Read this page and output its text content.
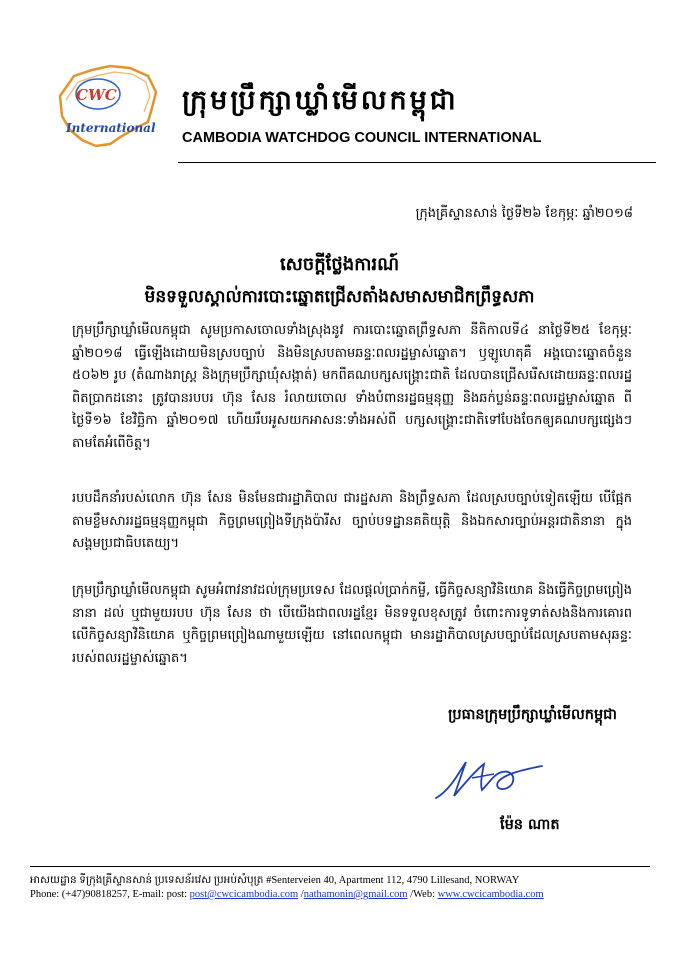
CWC
International
ក្រុមប្រឹក្សាឃ្លាំមើលកម្ពុជា
CAMBODIA WATCHDOG COUNCIL INTERNATIONAL
ក្រុងគ្រីស្ទានសាន់ ថ្ងៃទី២៦ ខែកុម្ភៈ ឆ្នាំ២០១៨
សេចក្ដីថ្លែងការណ៍
មិនទទួលស្គាល់ការបោះឆ្នោតជ្រើសតាំងសមាសមាជិកព្រឹទ្ធសភា
ក្រុមប្រឹក្សាឃ្លាំមើលកម្ពុជា សូមប្រកាសចោលទាំងស្រុងនូវ ការបោះឆ្នោតព្រឹទ្ធសភា នីតិកាលទី៤ នាថ្ងៃទី២៥ ខែកុម្ភៈ ឆ្នាំ២០១៨ ធ្វើឡើងដោយមិនស្របច្បាប់ និងមិនស្របតាមឆន្ទៈពលរដ្ឋម្ចាស់ឆ្នោត។ ឫឡូហេតុគឺ អង្គបោះឆ្នោតចំនួន ៥០៦២ រូប (តំណាងរាស្ត្រ និងក្រុមប្រឹក្សាឃុំសង្កាត់) មកពីគណបក្សសង្គ្រោះជាតិ ដែលបានជ្រើសរើសដោយឆន្ទៈពលរដ្ឋពិតប្រាកដនោះ ត្រូវបានរបបរ ហ៊ុន សែន រំលាយចោល ទាំងបំពានរដ្ឋធម្មនុញ្ញ និងឆក់ប្លន់ឆន្ទៈពលរដ្ឋម្ចាស់ឆ្នោត ពីថ្ងៃទី១៦ ខែវិច្ឆិកា ឆ្នាំ២០១៧ ហើយរឹបអូសយកអាសនៈទាំងអស់ពី បក្សសង្គ្រោះជាតិទៅបែងចែកឲ្យគណបក្សផ្សេងៗ តាមតែអំពើចិត្ត។
របបដឹកនាំរបស់លោក ហ៊ុន សែន មិនមែនជារដ្ឋាភិបាល ជារដ្ឋសភា និងព្រឹទ្ធសភា ដែលស្របច្បាប់ទៀតឡើយ បើផ្អែកតាមខ្លឹមសាររដ្ឋធម្មនុញ្ញកម្ពុជា កិច្ចព្រមព្រៀងទីក្រុងប៉ារីស ច្បាប់បទដ្ឋានគតិយុត្តិ និងឯកសារច្បាប់អន្តរជាតិនានា ក្នុងសង្គមប្រជាធិបតេយ្យ។
ក្រុមប្រឹក្សាឃ្លាំមើលកម្ពុជា សូមអំពាវនាវដល់ក្រុមប្រទេស ដែលផ្តល់ប្រាក់កម្ចី, ធ្វើកិច្ចសន្យាវិនិយោគ និងធ្វើកិច្ចព្រមព្រៀងនានា ដល់ ឬជាមួយរបប ហ៊ុន សែន ថា បើយើងជាពលរដ្ឋខ្មែរ មិនទទួលខុសត្រូវ ចំពោះការទូទាត់សងនិងការគោរពលើកិច្ចសន្យាវិនិយោគ ឬកិច្ចព្រមព្រៀងណាមួយឡើយ នៅពេលកម្ពុជា មានរដ្ឋាភិបាលស្របច្បាប់ដែលស្របតាមសុឆន្ទៈរបស់ពលរដ្ឋម្ចាស់ឆ្នោត។
ប្រធានក្រុមប្រឹក្សាឃ្លាំមើលកម្ពុជា
ម៉ែន ណាត
អាសយដ្ឋាន ទីក្រុងគ្រីស្ទានសាន់ ប្រទេសន័រវេស ប្រអប់សំបុត្រ #Senterveien 40, Apartment 112, 4790 Lillesand, NORWAY
Phone: (+47)90818257, E-mail: post: post@cwcicambodia.com /nathamonin@gmail.com /Web: www.cwcicambodia.com
